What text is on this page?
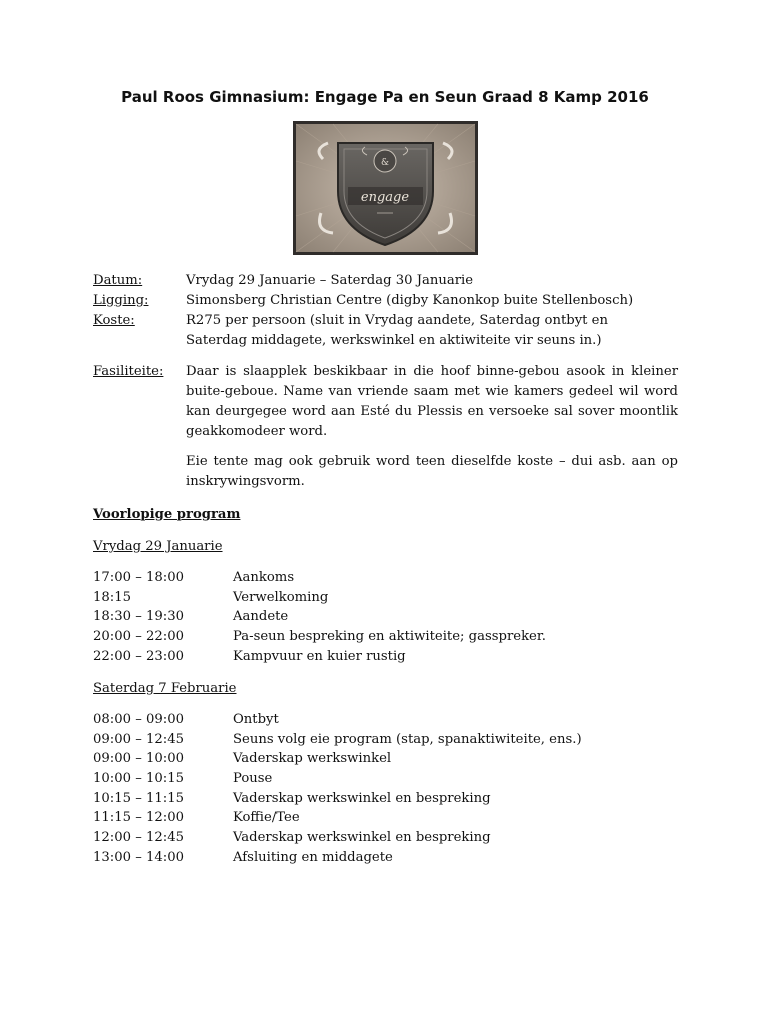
Paul Roos Gimnasium: Engage Pa en Seun Graad 8 Kamp 2016
&
engage
Datum:	Vrydag 29 Januarie – Saterdag 30 Januarie
Ligging:	Simonsberg Christian Centre (digby Kanonkop buite Stellenbosch)
Koste:	R275 per persoon (sluit in Vrydag aandete, Saterdag ontbyt en Saterdag middagete, werkswinkel en aktiwiteite vir seuns in.)
Fasiliteite: Daar is slaapplek beskikbaar in die hoof binne-gebou asook in kleiner buite-geboue. Name van vriende saam met wie kamers gedeel wil word kan deurgegee word aan Esté du Plessis en versoeke sal sover moontlik geakkomodeer word.
Eie tente mag ook gebruik word teen dieselfde koste – dui asb. aan op inskrywingsvorm.
Voorlopige program
Vrydag 29 Januarie
17:00 – 18:00	Aankoms
18:15	Verwelkoming
18:30 – 19:30	Aandete
20:00 – 22:00	Pa-seun bespreking en aktiwiteite; gasspreker.
22:00 – 23:00	Kampvuur en kuier rustig
Saterdag 7 Februarie
08:00 – 09:00	Ontbyt
09:00 – 12:45	Seuns volg eie program (stap, spanaktiwiteite, ens.)
09:00 – 10:00	Vaderskap werkswinkel
10:00 – 10:15	Pouse
10:15 – 11:15	Vaderskap werkswinkel en bespreking
11:15 – 12:00	Koffie/Tee
12:00 – 12:45	Vaderskap werkswinkel en bespreking
13:00 – 14:00	Afsluiting en middagete
